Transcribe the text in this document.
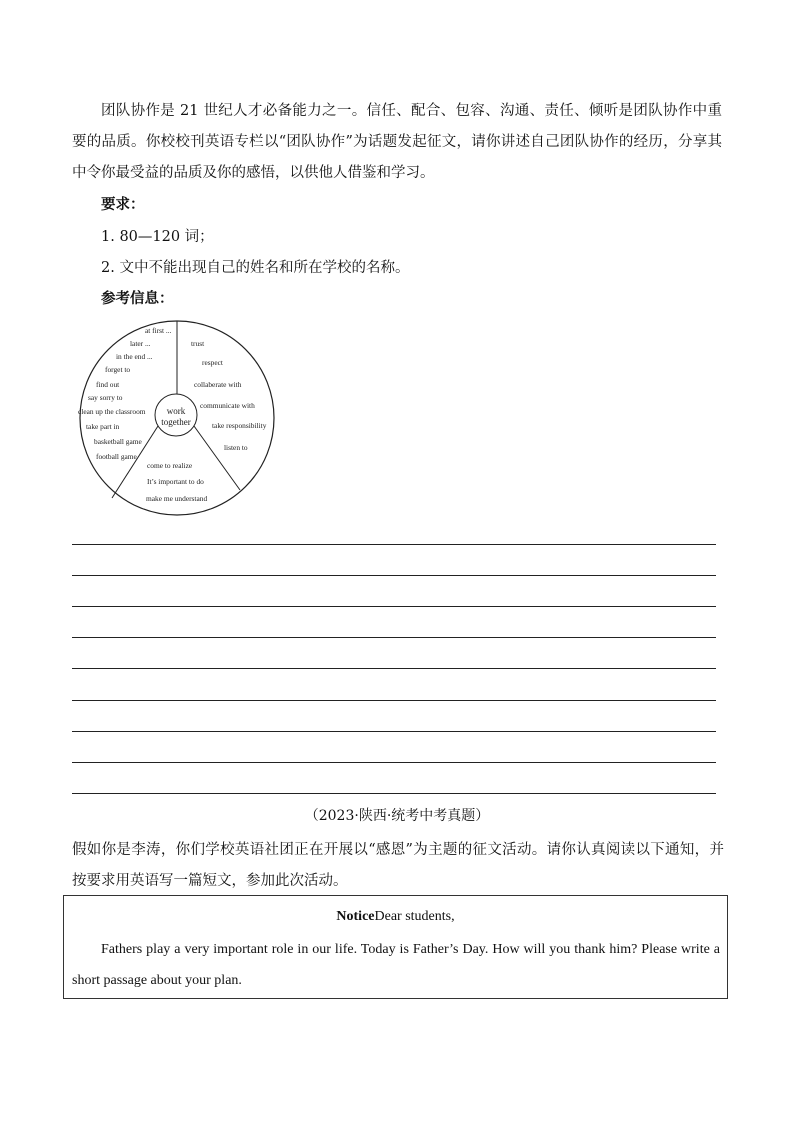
团队协作是 21 世纪人才必备能力之一。信任、配合、包容、沟通、责任、倾听是团队协作中重要的品质。你校校刊英语专栏以“团队协作”为话题发起征文，请你讲述自己团队协作的经历，分享其中令你最受益的品质及你的感悟，以供他人借鉴和学习。
要求：
1. 80—120 词；
2. 文中不能出现自己的姓名和所在学校的名称。
参考信息：
work
together
at first ...
later ...
in the end ...
forget to
find out
say sorry to
clean up the classroom
take part in
basketball game
football game
trust
respect
collaberate with
communicate with
take responsibility
listen to
come to realize
It’s important to do
make me understand
（2023·陕西·统考中考真题）
假如你是李涛，你们学校英语社团正在开展以“感恩”为主题的征文活动。请你认真阅读以下通知，并按要求用英语写一篇短文，参加此次活动。
NoticeDear students,
Fathers play a very important role in our life. Today is Father’s Day. How will you thank him? Please write a short passage about your plan.
